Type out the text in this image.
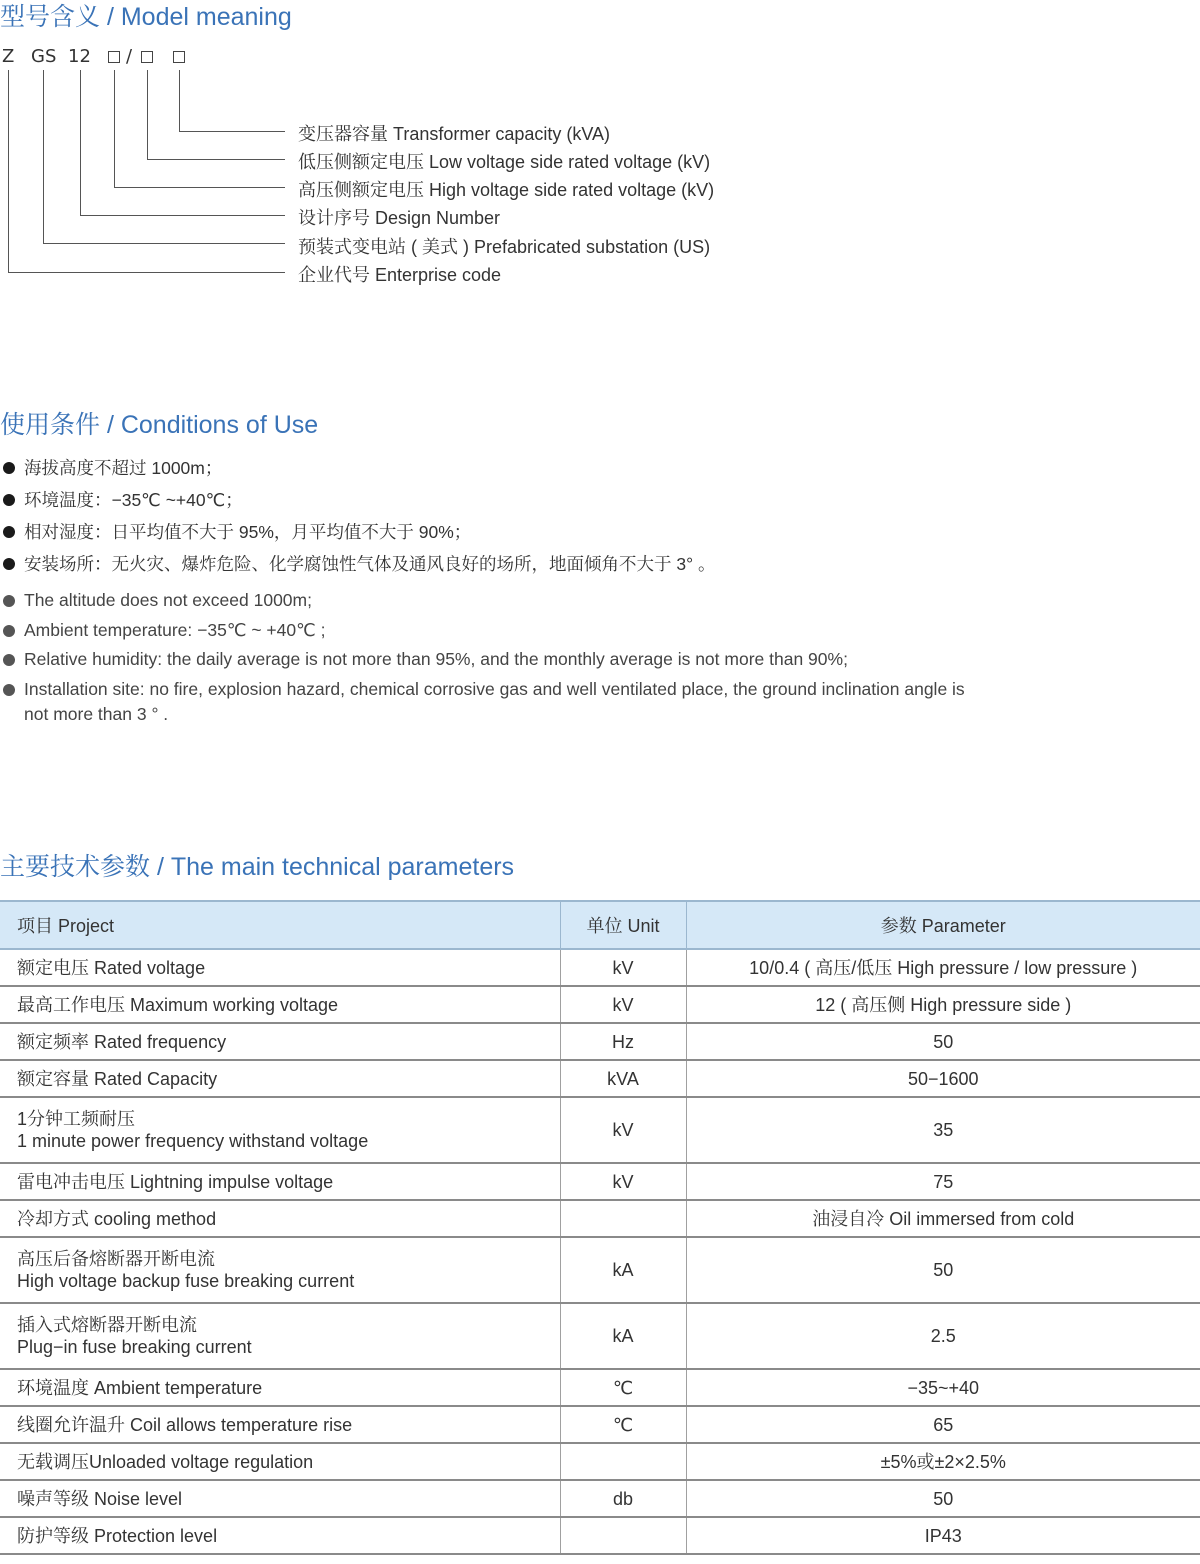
型号含义 / Model meaning
Z GS 12 /
变压器容量 Transformer capacity (kVA)
低压侧额定电压 Low voltage side rated voltage (kV)
高压侧额定电压 High voltage side rated voltage (kV)
设计序号 Design Number
预装式变电站 ( 美式 ) Prefabricated substation (US)
企业代号 Enterprise code
使用条件 / Conditions of Use
海拔高度不超过 1000m；
环境温度：−35℃ ~+40℃；
相对湿度：日平均值不大于 95%，月平均值不大于 90%；
安装场所：无火灾、爆炸危险、化学腐蚀性气体及通风良好的场所，地面倾角不大于 3° 。
The altitude does not exceed 1000m;
Ambient temperature: −35℃ ~ +40℃ ;
Relative humidity: the daily average is not more than 95%, and the monthly average is not more than 90%;
Installation site: no fire, explosion hazard, chemical corrosive gas and well ventilated place, the ground inclination angle is not more than 3 ° .
主要技术参数 / The main technical parameters
项目 Project	单位 Unit	参数 Parameter

额定电压 Rated voltage	kV	10/0.4 ( 高压/低压 High pressure / low pressure )

最高工作电压 Maximum working voltage	kV	12 ( 高压侧 High pressure side )

额定频率 Rated frequency	Hz	50

额定容量 Rated Capacity	kVA	50−1600

1分钟工频耐压
1 minute power frequency withstand voltage	kV	35

雷电冲击电压 Lightning impulse voltage	kV	75

冷却方式 cooling method		油浸自冷 Oil immersed from cold

高压后备熔断器开断电流
High voltage backup fuse breaking current	kA	50

插入式熔断器开断电流
Plug−in fuse breaking current	kA	2.5

环境温度 Ambient temperature	℃	−35~+40

线圈允许温升 Coil allows temperature rise	℃	65

无载调压Unloaded voltage regulation		±5%或±2×2.5%

噪声等级 Noise level	db	50

防护等级 Protection level		IP43
